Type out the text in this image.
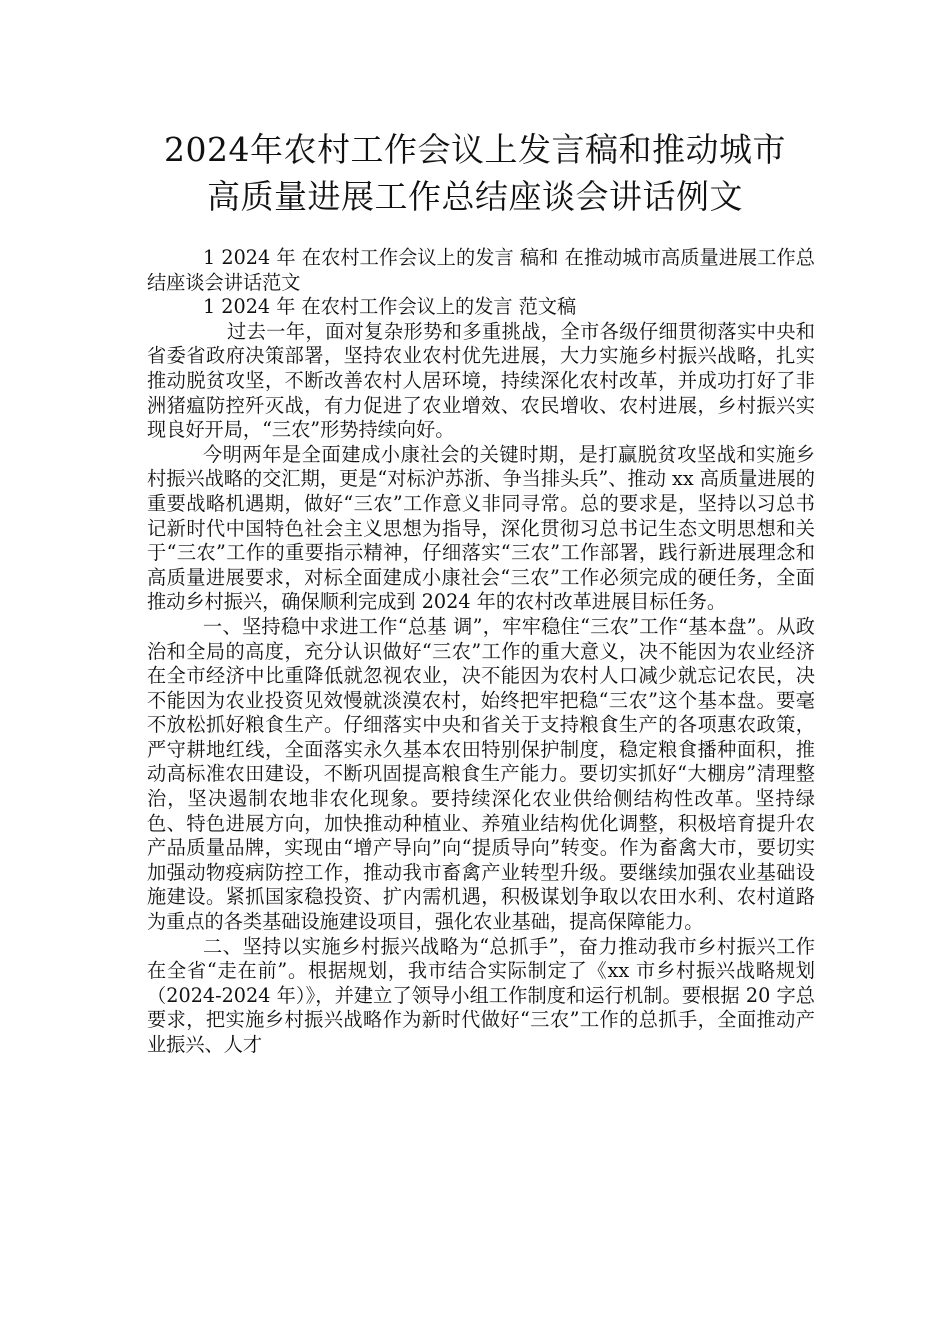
2024年农村工作会议上发言稿和推动城市
高质量进展工作总结座谈会讲话例文

1 2024 年 在农村工作会议上的发言 稿和 在推动城市高质量进展工作总结座谈会讲话范文

1 2024 年 在农村工作会议上的发言 范文稿

过去一年，面对复杂形势和多重挑战，全市各级仔细贯彻落实中央和省委省政府决策部署，坚持农业农村优先进展，大力实施乡村振兴战略，扎实推动脱贫攻坚，不断改善农村人居环境，持续深化农村改革，并成功打好了非洲猪瘟防控歼灭战，有力促进了农业增效、农民增收、农村进展，乡村振兴实现良好开局，“三农”形势持续向好。

今明两年是全面建成小康社会的关键时期，是打赢脱贫攻坚战和实施乡村振兴战略的交汇期，更是“对标沪苏浙、争当排头兵”、推动 xx 高质量进展的重要战略机遇期，做好“三农”工作意义非同寻常。总的要求是，坚持以习总书记新时代中国特色社会主义思想为指导，深化贯彻习总书记生态文明思想和关于“三农”工作的重要指示精神，仔细落实“三农”工作部署，践行新进展理念和高质量进展要求，对标全面建成小康社会“三农”工作必须完成的硬任务，全面推动乡村振兴，确保顺利完成到 2024 年的农村改革进展目标任务。

一、坚持稳中求进工作“总基 调”，牢牢稳住“三农”工作“基本盘”。从政治和全局的高度，充分认识做好“三农”工作的重大意义，决不能因为农业经济在全市经济中比重降低就忽视农业，决不能因为农村人口减少就忘记农民，决不能因为农业投资见效慢就淡漠农村，始终把牢把稳“三农”这个基本盘。要毫不放松抓好粮食生产。仔细落实中央和省关于支持粮食生产的各项惠农政策，严守耕地红线，全面落实永久基本农田特别保护制度，稳定粮食播种面积，推动高标准农田建设，不断巩固提高粮食生产能力。要切实抓好“大棚房”清理整治，坚决遏制农地非农化现象。要持续深化农业供给侧结构性改革。坚持绿色、特色进展方向，加快推动种植业、养殖业结构优化调整，积极培育提升农产品质量品牌，实现由“增产导向”向“提质导向”转变。作为畜禽大市，要切实加强动物疫病防控工作，推动我市畜禽产业转型升级。要继续加强农业基础设施建设。紧抓国家稳投资、扩内需机遇，积极谋划争取以农田水利、农村道路为重点的各类基础设施建设项目，强化农业基础，提高保障能力。

二、坚持以实施乡村振兴战略为“总抓手”，奋力推动我市乡村振兴工作在全省“走在前”。根据规划，我市结合实际制定了《xx 市乡村振兴战略规划（2024-2024 年）》，并建立了领导小组工作制度和运行机制。要根据 20 字总要求，把实施乡村振兴战略作为新时代做好“三农”工作的总抓手，全面推动产业振兴、人才
